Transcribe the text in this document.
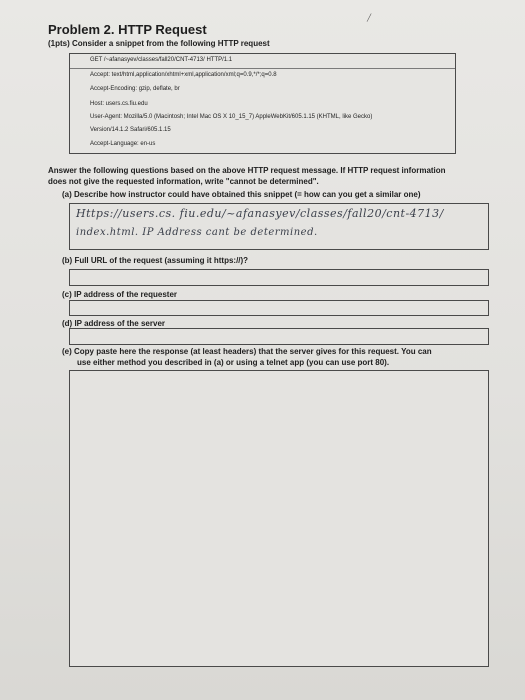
╱
Problem 2. HTTP Request
(1pts) Consider a snippet from the following HTTP request
GET /~afanasyev/classes/fall20/CNT-4713/ HTTP/1.1
Accept: text/html,application/xhtml+xml,application/xml;q=0.9,*/*;q=0.8
Accept-Encoding: gzip, deflate, br
Host: users.cs.fiu.edu
User-Agent: Mozilla/5.0 (Macintosh; Intel Mac OS X 10_15_7) AppleWebKit/605.1.15 (KHTML, like Gecko)
Version/14.1.2 Safari/605.1.15
Accept-Language: en-us
Answer the following questions based on the above HTTP request message. If HTTP request information
does not give the requested information, write "cannot be determined".
(a) Describe how instructor could have obtained this snippet (= how can you get a similar one)
Https://users.cs. fiu.edu/~afanasyev/classes/fall20/cnt-4713/
index.html. IP Address cant be determined.
(b) Full URL of the request (assuming it https://)?
(c) IP address of the requester
(d) IP address of the server
(e) Copy paste here the response (at least headers) that the server gives for this request. You can
use either method you described in (a) or using a telnet app (you can use port 80).
